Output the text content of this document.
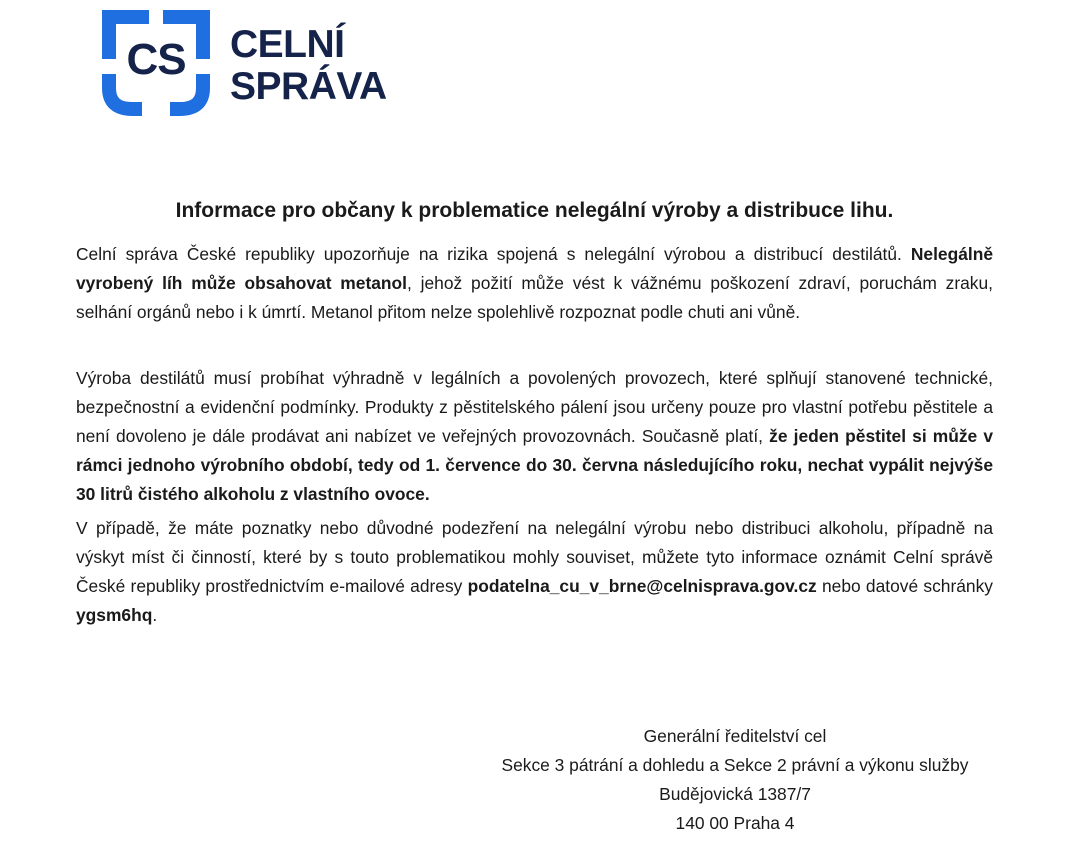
CS	CELNÍ
SPRÁVA
Informace pro občany k problematice nelegální výroby a distribuce lihu.

Celní správa České republiky upozorňuje na rizika spojená s nelegální výrobou a distribucí destilátů. Nelegálně vyrobený líh může obsahovat metanol, jehož požití může vést k vážnému poškození zdraví, poruchám zraku, selhání orgánů nebo i k úmrtí. Metanol přitom nelze spolehlivě rozpoznat podle chuti ani vůně.

Výroba destilátů musí probíhat výhradně v legálních a povolených provozech, které splňují stanovené technické, bezpečnostní a evidenční podmínky. Produkty z pěstitelského pálení jsou určeny pouze pro vlastní potřebu pěstitele a není dovoleno je dále prodávat ani nabízet ve veřejných provozovnách. Současně platí, že jeden pěstitel si může v rámci jednoho výrobního období, tedy od 1. července do 30. června následujícího roku, nechat vypálit nejvýše 30 litrů čistého alkoholu z vlastního ovoce.

V případě, že máte poznatky nebo důvodné podezření na nelegální výrobu nebo distribuci alkoholu, případně na výskyt míst či činností, které by s touto problematikou mohly souviset, můžete tyto informace oznámit Celní správě České republiky prostřednictvím e-mailové adresy podatelna_cu_v_brne@celnisprava.gov.cz nebo datové schránky ygsm6hq.

Generální ředitelství cel
Sekce 3 pátrání a dohledu a Sekce 2 právní a výkonu služby
Budějovická 1387/7
140 00 Praha 4
